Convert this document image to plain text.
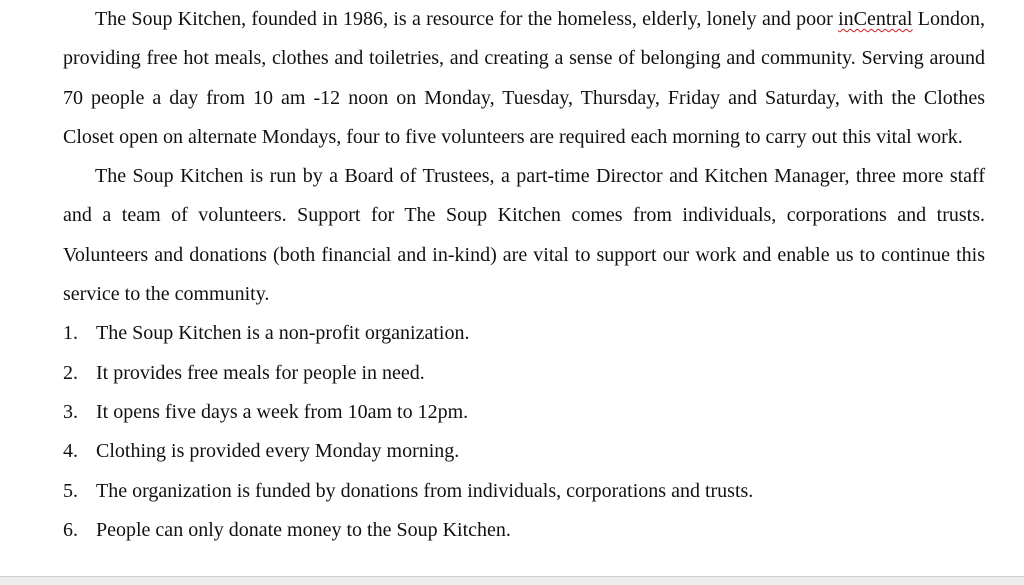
The Soup Kitchen, founded in 1986, is a resource for the homeless, elderly, lonely and poor inCentral London, providing free hot meals, clothes and toiletries, and creating a sense of belonging and community. Serving around 70 people a day from 10 am -12 noon on Monday, Tuesday, Thursday, Friday and Saturday, with the Clothes Closet open on alternate Mondays, four to five volunteers are required each morning to carry out this vital work.

The Soup Kitchen is run by a Board of Trustees, a part-time Director and Kitchen Manager, three more staff and a team of volunteers. Support for The Soup Kitchen comes from individuals, corporations and trusts. Volunteers and donations (both financial and in-kind) are vital to support our work and enable us to continue this service to the community.

1. The Soup Kitchen is a non-profit organization.
2. It provides free meals for people in need.
3. It opens five days a week from 10am to 12pm.
4. Clothing is provided every Monday morning.
5. The organization is funded by donations from individuals, corporations and trusts.
6. People can only donate money to the Soup Kitchen.
